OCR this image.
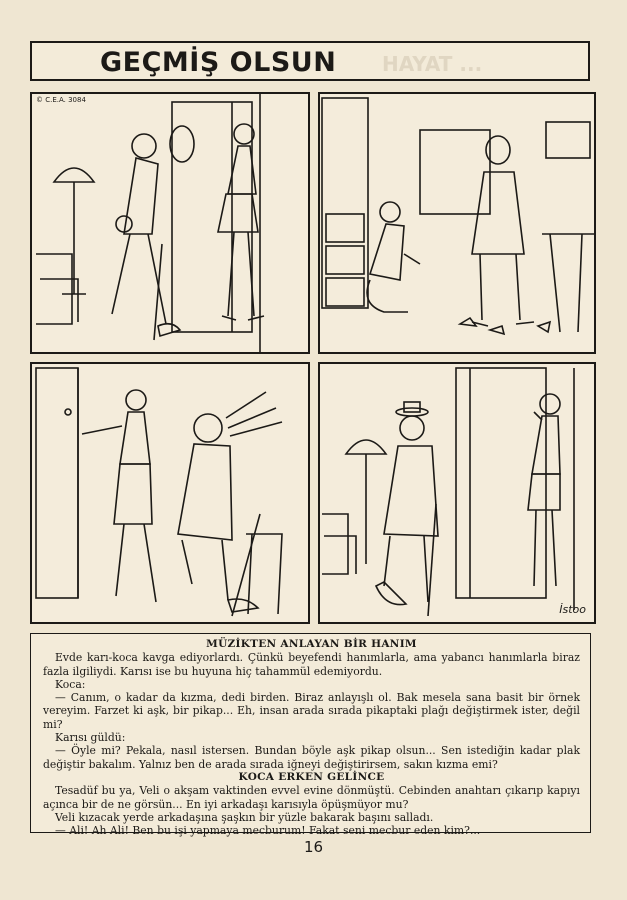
GEÇMİŞ OLSUN HAYAT ...
© C.E.A. 3084
İstoo
MÜZİKTEN ANLAYAN BİR HANIM

Evde karı-koca kavga ediyorlardı. Çünkü beyefendi hanımlarla, ama yabancı hanımlarla biraz fazla ilgiliydi. Karısı ise bu huyuna hiç tahammül edemiyordu.

Koca:

— Canım, o kadar da kızma, dedi birden. Biraz anlayışlı ol. Bak mesela sana basit bir örnek vereyim. Farzet ki aşk, bir pikap... Eh, insan arada sırada pikaptaki plağı değiştirmek ister, değil mi?

Karısı güldü:

— Öyle mi? Pekala, nasıl istersen. Bundan böyle aşk pikap olsun... Sen istediğin kadar plak değiştir bakalım. Yalnız ben de arada sırada iğneyi değiştirirsem, sakın kızma emi?

KOCA ERKEN GELİNCE

Tesadüf bu ya, Veli o akşam vaktinden evvel evine dönmüştü. Cebinden anahtarı çıkarıp kapıyı açınca bir de ne görsün... En iyi arkadaşı karısıyla öpüşmüyor mu?

Veli kızacak yerde arkadaşına şaşkın bir yüzle bakarak başını salladı.

— Ali! Ah Ali! Ben bu işi yapmaya mecburum! Fakat seni mecbur eden kim?...

16
